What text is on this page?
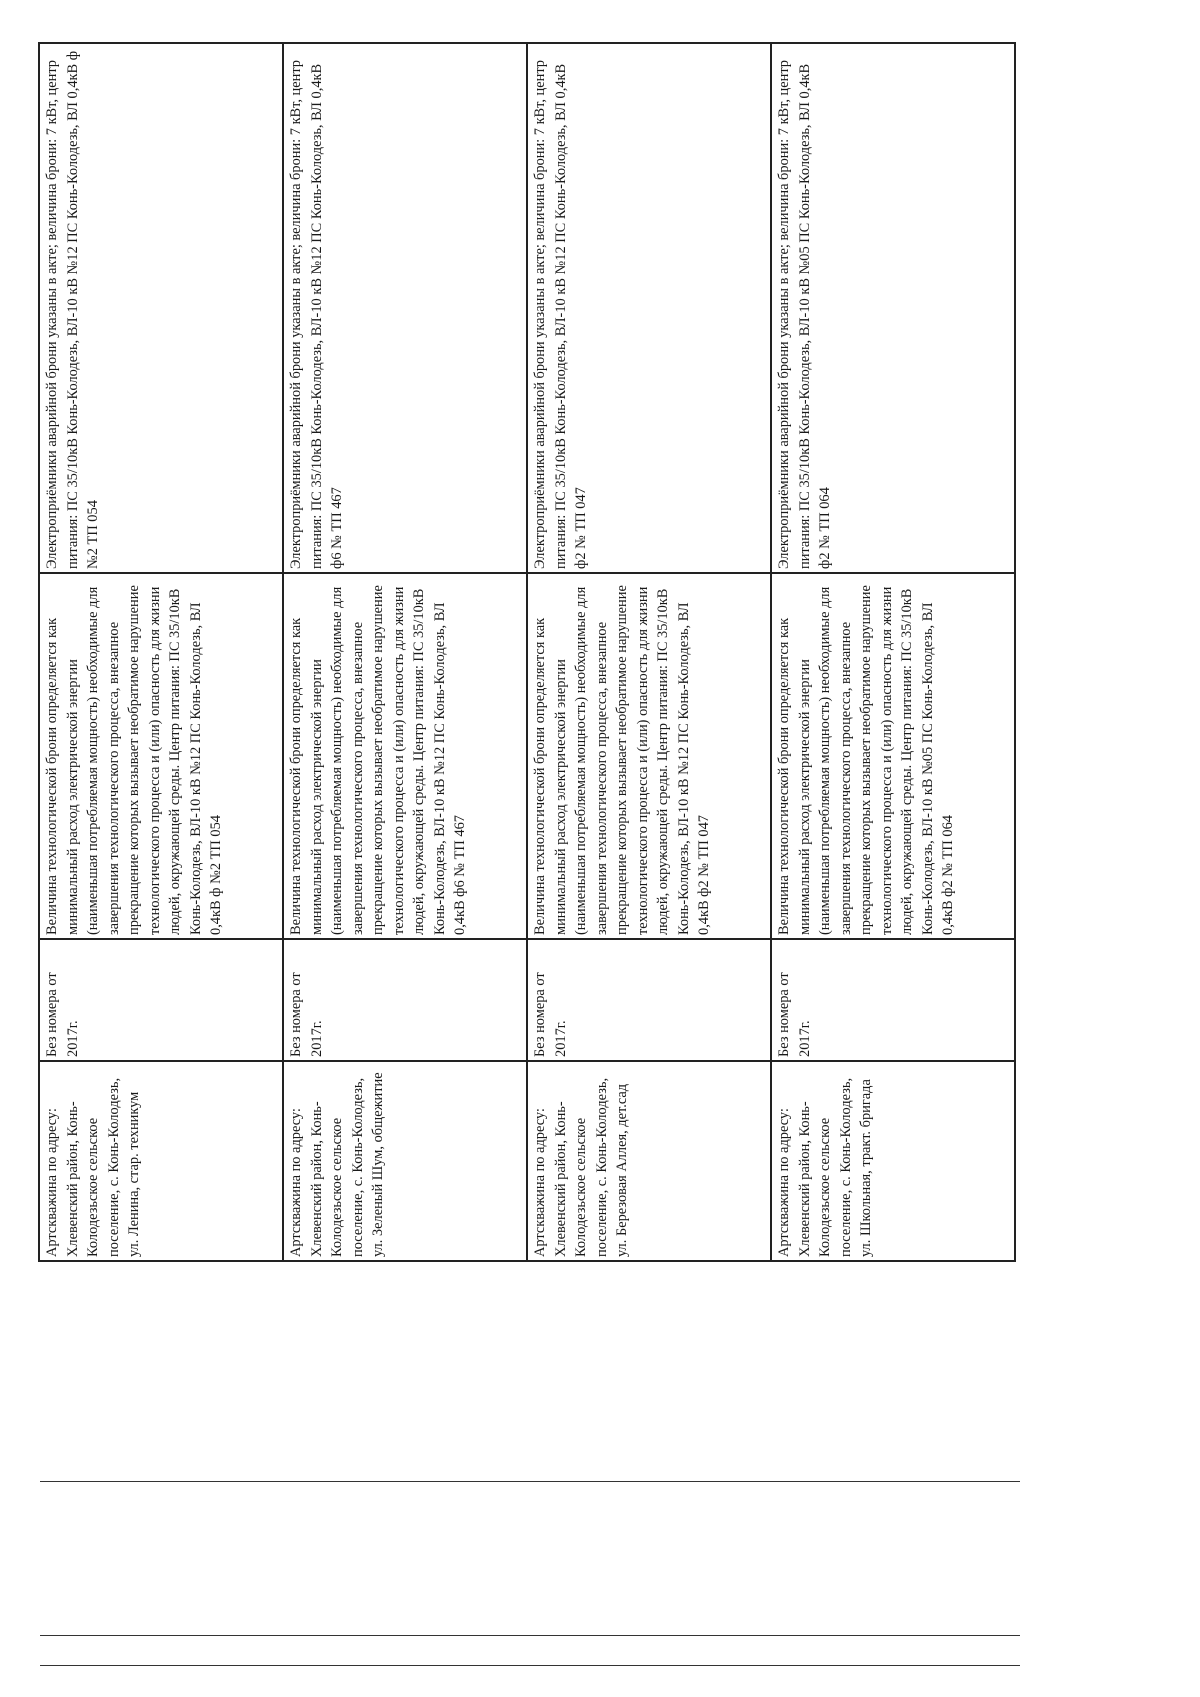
Артскважина по адресу: Хлевенский район, Конь-Колодезьское сельское поселение, с. Конь-Колодезь, ул. Ленина, стар. техникум	Без номера от 2017г.	Величина технологической брони определяется как минимальный расход электрической энергии (наименьшая потребляемая мощность) необходимые для завершения технологического процесса, внезапное прекращение которых вызывает необратимое нарушение технологического процесса и (или) опасность для жизни людей, окружающей среды. Центр питания: ПС 35/10кВ Конь-Колодезь, ВЛ-10 кВ №12 ПС Конь-Колодезь, ВЛ 0,4кВ ф №2 ТП 054	Электроприёмники аварийной брони указаны в акте; величина брони: 7 кВт, центр питания: ПС 35/10кВ Конь-Колодезь, ВЛ-10 кВ №12 ПС Конь-Колодезь, ВЛ 0,4кВ ф №2 ТП 054
Артскважина по адресу: Хлевенский район, Конь-Колодезьское сельское поселение, с. Конь-Колодезь, ул. Зеленый Шум, общежитие	Без номера от 2017г.	Величина технологической брони определяется как минимальный расход электрической энергии (наименьшая потребляемая мощность) необходимые для завершения технологического процесса, внезапное прекращение которых вызывает необратимое нарушение технологического процесса и (или) опасность для жизни людей, окружающей среды. Центр питания: ПС 35/10кВ Конь-Колодезь, ВЛ-10 кВ №12 ПС Конь-Колодезь, ВЛ 0,4кВ ф6 № ТП 467	Электроприёмники аварийной брони указаны в акте; величина брони: 7 кВт, центр питания: ПС 35/10кВ Конь-Колодезь, ВЛ-10 кВ №12 ПС Конь-Колодезь, ВЛ 0,4кВ ф6 № ТП 467
Артскважина по адресу: Хлевенский район, Конь-Колодезьское сельское поселение, с. Конь-Колодезь, ул. Березовая Аллея, дет.сад	Без номера от 2017г.	Величина технологической брони определяется как минимальный расход электрической энергии (наименьшая потребляемая мощность) необходимые для завершения технологического процесса, внезапное прекращение которых вызывает необратимое нарушение технологического процесса и (или) опасность для жизни людей, окружающей среды. Центр питания: ПС 35/10кВ Конь-Колодезь, ВЛ-10 кВ №12 ПС Конь-Колодезь, ВЛ 0,4кВ ф2 № ТП 047	Электроприёмники аварийной брони указаны в акте; величина брони: 7 кВт, центр питания: ПС 35/10кВ Конь-Колодезь, ВЛ-10 кВ №12 ПС Конь-Колодезь, ВЛ 0,4кВ ф2 № ТП 047
Артскважина по адресу: Хлевенский район, Конь-Колодезьское сельское поселение, с. Конь-Колодезь, ул. Школьная, тракт. бригада	Без номера от 2017г.	Величина технологической брони определяется как минимальный расход электрической энергии (наименьшая потребляемая мощность) необходимые для завершения технологического процесса, внезапное прекращение которых вызывает необратимое нарушение технологического процесса и (или) опасность для жизни людей, окружающей среды. Центр питания: ПС 35/10кВ Конь-Колодезь, ВЛ-10 кВ №05 ПС Конь-Колодезь, ВЛ 0,4кВ ф2 № ТП 064	Электроприёмники аварийной брони указаны в акте; величина брони: 7 кВт, центр питания: ПС 35/10кВ Конь-Колодезь, ВЛ-10 кВ №05 ПС Конь-Колодезь, ВЛ 0,4кВ ф2 № ТП 064
